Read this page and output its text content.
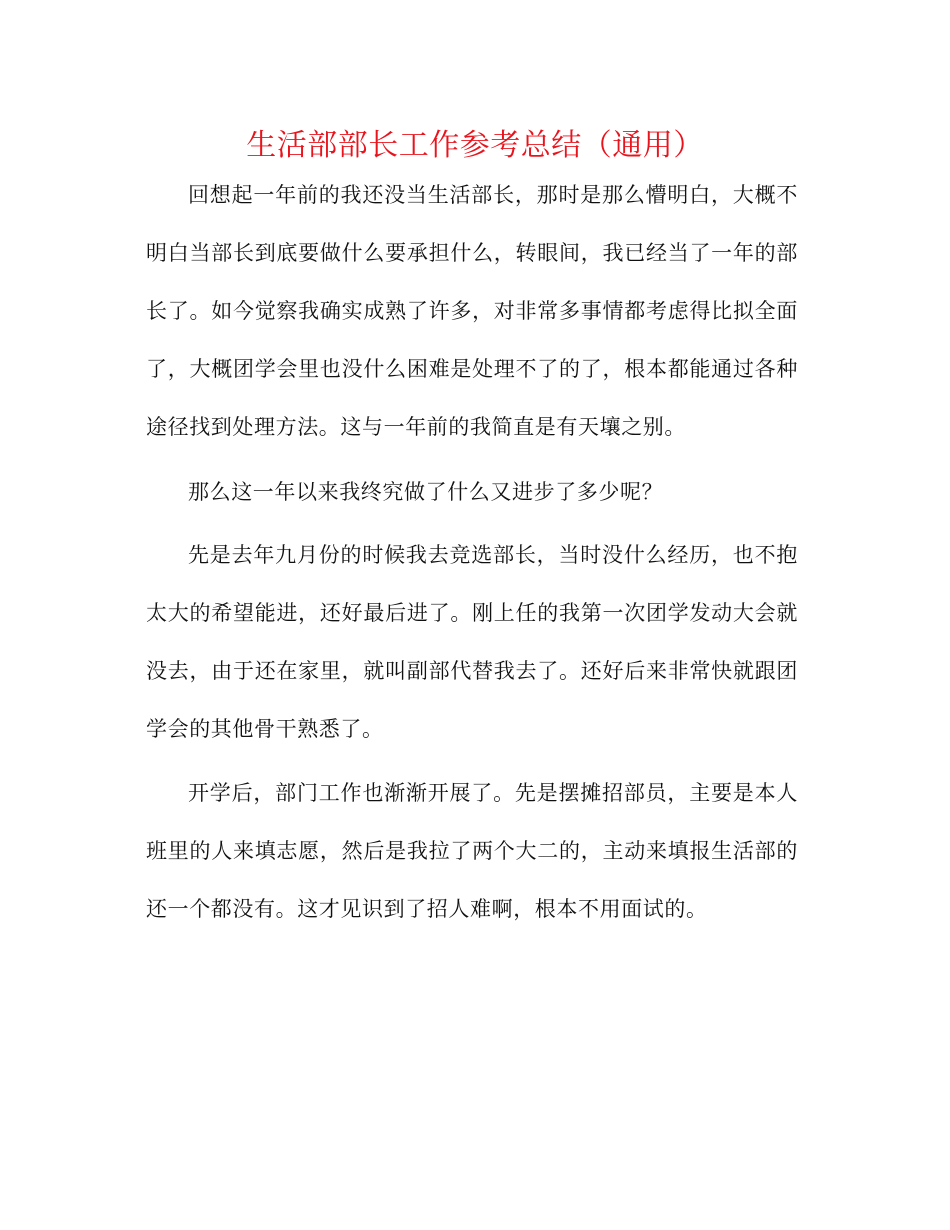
生活部部长工作参考总结（通用）

回想起一年前的我还没当生活部长，那时是那么懵明白，大概不明白当部长到底要做什么要承担什么，转眼间，我已经当了一年的部长了。如今觉察我确实成熟了许多，对非常多事情都考虑得比拟全面了，大概团学会里也没什么困难是处理不了的了，根本都能通过各种途径找到处理方法。这与一年前的我简直是有天壤之别。

那么这一年以来我终究做了什么又进步了多少呢？

先是去年九月份的时候我去竞选部长，当时没什么经历，也不抱太大的希望能进，还好最后进了。刚上任的我第一次团学发动大会就没去，由于还在家里，就叫副部代替我去了。还好后来非常快就跟团学会的其他骨干熟悉了。

开学后，部门工作也渐渐开展了。先是摆摊招部员，主要是本人班里的人来填志愿，然后是我拉了两个大二的，主动来填报生活部的还一个都没有。这才见识到了招人难啊，根本不用面试的。
